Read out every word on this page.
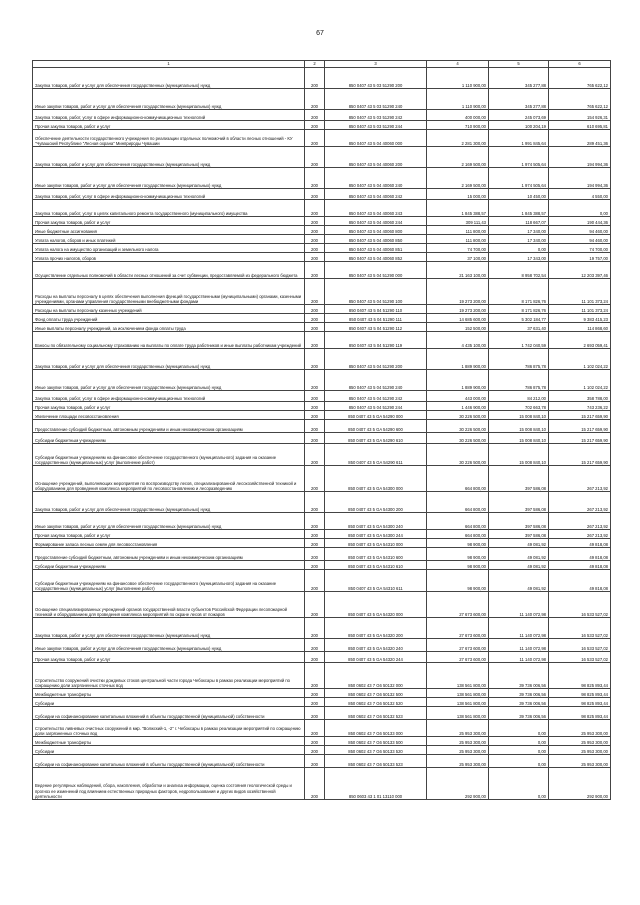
67
1	2	3	4	5	6
Закупка товаров, работ и услуг для обеспечения государственных (муниципальных) нужд	200	850 0407 43 5 03 51290 200	1 110 900,00	345 277,88	765 622,12
Иные закупки товаров, работ и услуг для обеспечения государственных (муниципальных) нужд	200	850 0407 43 5 03 51290 240	1 110 900,00	345 277,88	765 622,12
Закупка товаров, работ, услуг в сфере информационно-коммуникационных технологий	200	850 0407 43 5 03 51290 242	400 000,00	245 073,69	154 926,31
Прочая закупка товаров, работ и услуг	200	850 0407 43 5 03 51290 244	710 900,00	100 204,19	610 695,81
Обеспечение деятельности государственного учреждения по реализации отдельных полномочий в области лесных отношений - КУ "Чувашский Республике "Лесная охрана" Минприроды Чувашии	200	850 0407 43 5 04 40060 000	2 281 300,00	1 991 845,64	289 451,36
Закупка товаров, работ и услуг для обеспечения государственных (муниципальных) нужд	200	850 0407 43 5 04 40060 200	2 169 500,00	1 974 505,64	194 994,36
Иные закупки товаров, работ и услуг для обеспечения государственных (муниципальных) нужд	200	850 0407 43 5 04 40060 240	2 169 500,00	1 974 505,64	194 994,36
Закупка товаров, работ, услуг в сфере информационно-коммуникационных технологий	200	850 0407 43 5 04 40060 242	15 000,00	10 450,00	4 550,00
Закупка товаров, работ, услуг в целях капитального ремонта государственного (муниципального) имущества	200	850 0407 43 5 04 40060 243	1 845 388,57	1 845 388,57	0,00
Прочая закупка товаров, работ и услуг	200	850 0407 43 5 04 40060 244	309 111,43	118 667,07	190 444,36
Иные бюджетные ассигнования	200	850 0407 43 5 04 40060 800	111 800,00	17 340,00	94 460,00
Уплата налогов, сборов и иных платежей	200	850 0407 43 5 04 40060 850	111 800,00	17 340,00	94 460,00
Уплата налога на имущество организаций и земельного налога	200	850 0407 43 5 04 40060 851	74 700,00	0,00	74 700,00
Уплата прочих налогов, сборов	200	850 0407 43 5 04 40060 852	37 100,00	17 343,00	19 757,00
Осуществление отдельных полномочий в области лесных отношений за счет субвенции, предоставляемой из федерального бюджета	200	850 0407 43 5 04 51290 000	21 163 100,00	8 958 702,54	12 203 397,46
Расходы на выплаты персоналу в целях обеспечения выполнения функций государственными (муниципальными) органами, казенными учреждениями, органами управления государственными внебюджетными фондами	200	850 0407 43 5 04 51290 100	19 273 200,00	8 171 826,76	11 101 373,24
Расходы на выплаты персоналу казенных учреждений	200	850 0407 43 5 04 51290 110	19 273 200,00	8 171 826,76	11 101 373,24
Фонд оплаты труда учреждений	200	850 0407 43 5 04 51290 111	14 685 600,00	5 302 184,77	9 383 415,23
Иные выплаты персоналу учреждений, за исключением фонда оплаты труда	200	850 0407 43 5 04 51290 112	152 500,00	37 631,40	114 868,60
Взносы по обязательному социальному страхованию на выплаты по оплате труда работников и иные выплаты работникам учреждений	200	850 0407 43 5 04 51290 119	4 435 100,00	1 742 040,59	2 693 059,41
Закупка товаров, работ и услуг для обеспечения государственных (муниципальных) нужд	200	850 0407 43 5 04 51290 200	1 889 900,00	786 875,78	1 102 024,22
Иные закупки товаров, работ и услуг для обеспечения государственных (муниципальных) нужд	200	850 0407 43 5 04 51290 240	1 889 900,00	786 875,78	1 102 024,22
Закупка товаров, работ, услуг в сфере информационно-коммуникационных технологий	200	850 0407 43 5 04 51290 242	443 000,00	84 212,00	358 788,00
Прочая закупка товаров, работ и услуг	200	850 0407 43 5 04 51290 244	1 446 900,00	702 663,78	743 236,22
Увеличение площади лесовосстановления	200	850 0407 43 5 GA 54290 000	30 226 500,00	15 008 840,10	15 217 659,90
Предоставление субсидий бюджетным, автономным учреждениям и иным некоммерческим организациям	200	850 0407 43 5 GA 54290 600	30 226 500,00	15 008 840,10	15 217 659,90
Субсидии бюджетным учреждениям	200	850 0407 43 5 GA 54290 610	30 226 500,00	15 008 840,10	15 217 659,90
Субсидии бюджетным учреждениям на финансовое обеспечение государственного (муниципального) задания на оказание государственных (муниципальных) услуг (выполнение работ)	200	850 0407 43 5 GA 54290 611	30 226 500,00	15 008 840,10	15 217 659,90
Оснащение учреждений, выполняющих мероприятия по воспроизводству лесов, специализированной лесохозяйственной техникой и оборудованием для проведения комплекса мероприятий по лесовосстановлению и лесоразведению	200	850 0407 43 5 GA 54300 000	664 800,00	397 586,08	267 213,92
Закупка товаров, работ и услуг для обеспечения государственных (муниципальных) нужд	200	850 0407 43 5 GA 54300 200	664 800,00	397 586,08	267 213,92
Иные закупки товаров, работ и услуг для обеспечения государственных (муниципальных) нужд	200	850 0407 43 5 GA 54300 240	664 800,00	397 586,08	267 213,92
Прочая закупка товаров, работ и услуг	200	850 0407 43 5 GA 54300 244	664 800,00	397 586,08	267 213,92
Формирование запаса лесных семян для лесовосстановления	200	850 0407 43 5 GA 54310 000	98 900,00	49 081,92	49 818,08
Предоставление субсидий бюджетным, автономным учреждениям и иным некоммерческим организациям	200	850 0407 43 5 GA 54310 600	98 900,00	49 081,92	49 818,08
Субсидии бюджетным учреждениям	200	850 0407 43 5 GA 54310 610	98 900,00	49 081,92	49 818,08
Субсидии бюджетным учреждениям на финансовое обеспечение государственного (муниципального) задания на оказание государственных (муниципальных) услуг (выполнение работ)	200	850 0407 43 5 GA 54310 611	98 900,00	49 081,92	49 818,08
Оснащение специализированных учреждений органов государственной власти субъектов Российской Федерации лесопожарной техникой и оборудованием для проведения комплекса мероприятий по охране лесов от пожаров	200	850 0407 43 5 GA 54320 000	27 673 600,00	11 140 072,98	16 533 527,02
Закупка товаров, работ и услуг для обеспечения государственных (муниципальных) нужд	200	850 0407 43 5 GA 54320 200	27 673 600,00	11 140 072,98	16 533 527,02
Иные закупки товаров, работ и услуг для обеспечения государственных (муниципальных) нужд	200	850 0407 43 5 GA 54320 240	27 673 600,00	11 140 072,98	16 533 527,02
Прочая закупка товаров, работ и услуг	200	850 0407 43 5 GA 54320 244	27 673 600,00	11 140 072,98	16 533 527,02
Строительство сооружений очистки дождевых стоков центральной части города Чебоксары в рамках реализации мероприятий по сокращению доли загрязненных сточных вод	200	850 0602 43 7 G6 50132 000	138 561 800,00	39 736 006,56	98 825 893,44
Межбюджетные трансферты	200	850 0602 43 7 G6 50132 500	138 561 800,00	39 736 006,56	98 825 893,44
Субсидии	200	850 0602 43 7 G6 50132 520	138 561 800,00	39 736 006,56	98 825 893,44
Субсидии на софинансирование капитальных вложений в объекты государственной (муниципальной) собственности	200	850 0602 43 7 G6 50132 523	138 561 800,00	39 736 006,56	98 825 893,44
Строительство ливневых очистных сооружений в мкр. "Волжский-1, -2" г. Чебоксары в рамках реализации мероприятий по сокращению доли загрязненных сточных вод	200	850 0602 43 7 G6 50133 000	25 953 300,00	0,00	25 953 300,00
Межбюджетные трансферты	200	850 0602 43 7 G6 50133 500	25 953 300,00	0,00	25 953 300,00
Субсидии	200	850 0602 43 7 G6 50133 520	25 953 300,00	0,00	25 953 300,00
Субсидии на софинансирование капитальных вложений в объекты государственной (муниципальной) собственности	200	850 0602 43 7 G6 50133 523	25 953 300,00	0,00	25 953 300,00
Ведение регулярных наблюдений, сбора, накопления, обработки и анализа информации, оценка состояния геологической среды и прогноз ее изменений под влиянием естественных природных факторов, недропользования и других видов хозяйственной деятельности	200	850 0603 43 1 01 13110 000	292 900,00	0,00	292 900,00
